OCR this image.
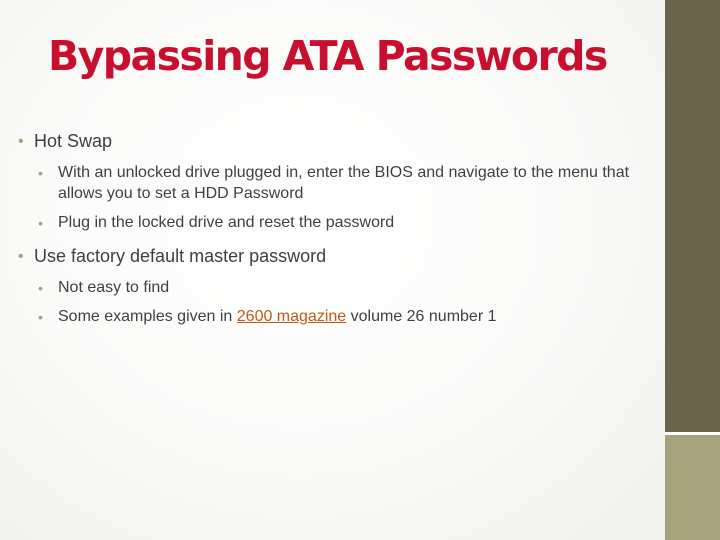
Bypassing ATA Passwords
• Hot Swap
• With an unlocked drive plugged in, enter the BIOS and navigate to the menu that allows you to set a HDD Password
• Plug in the locked drive and reset the password
• Use factory default master password
• Not easy to find
• Some examples given in 2600 magazine volume 26 number 1
